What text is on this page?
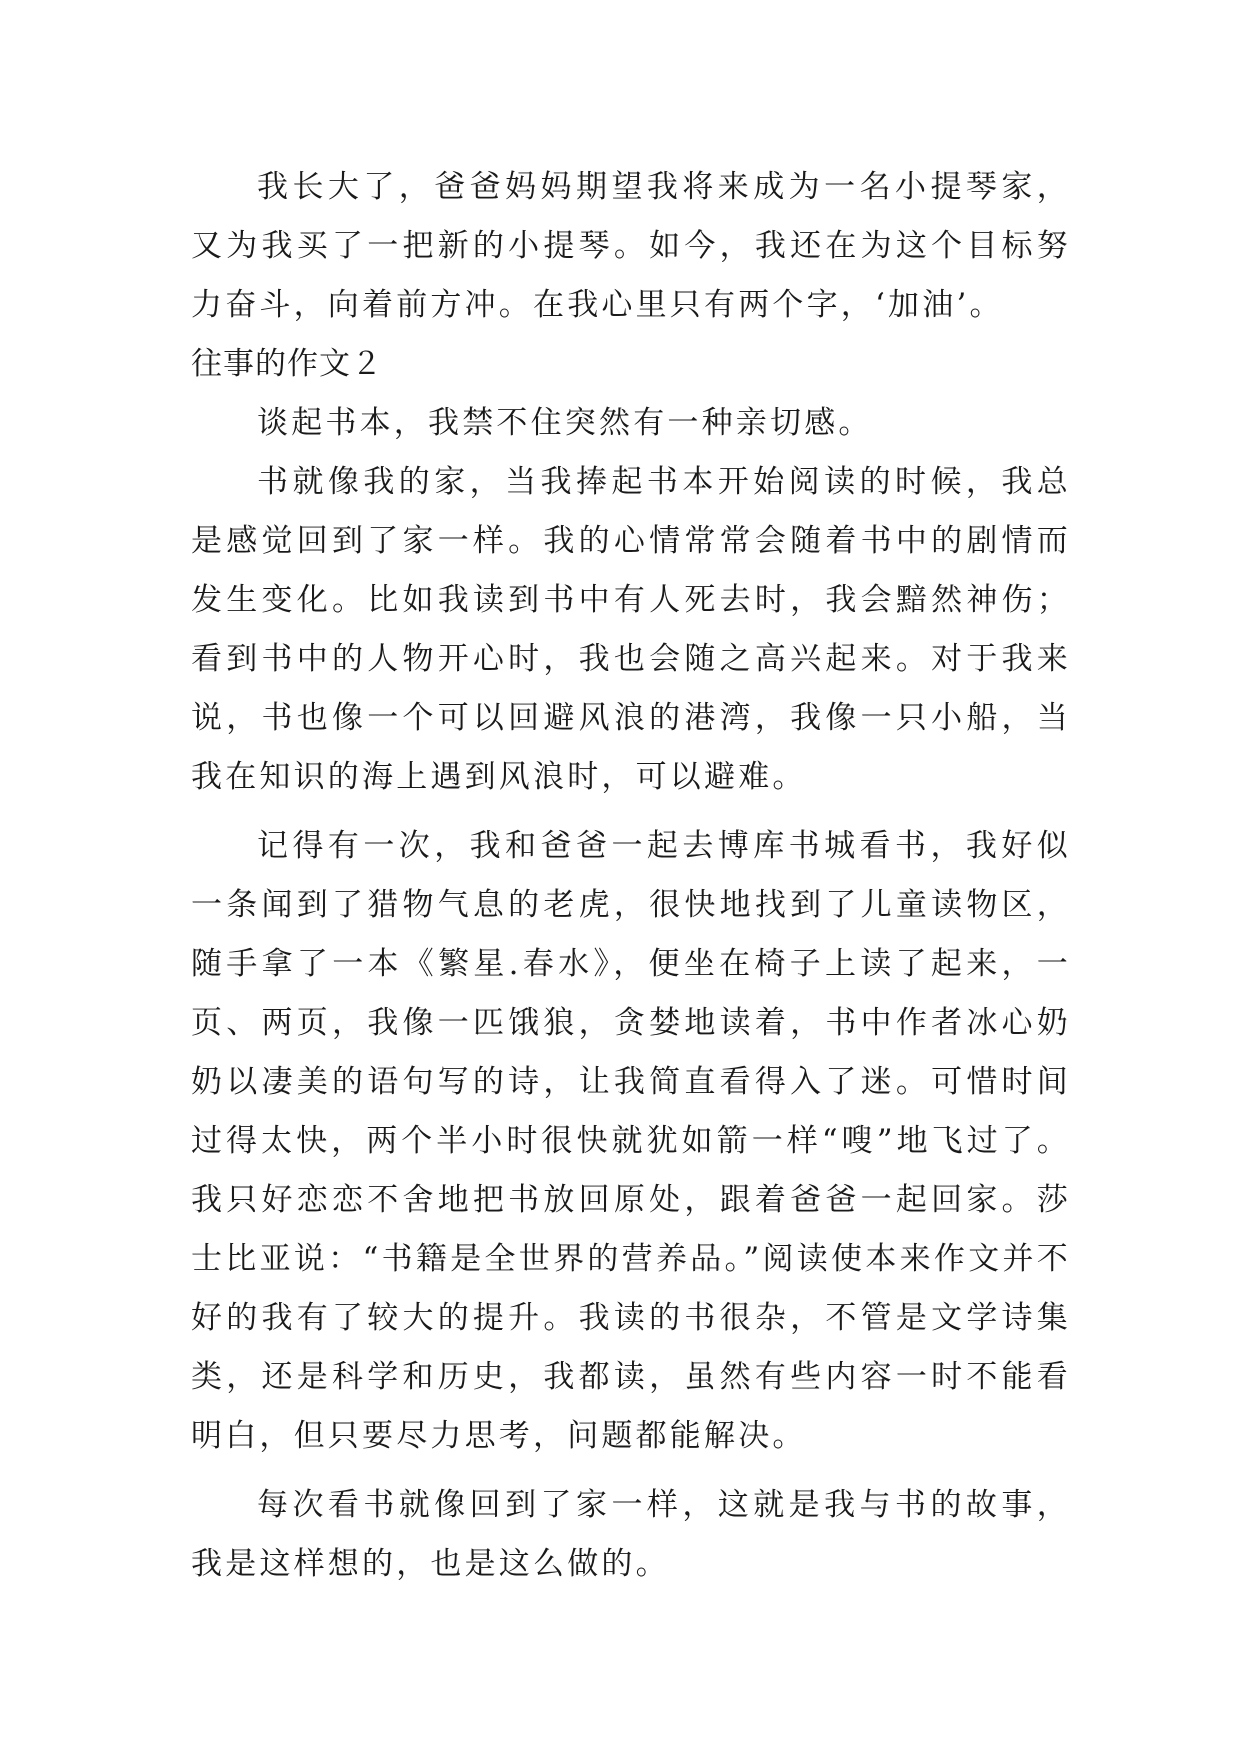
我长大了，爸爸妈妈期望我将来成为一名小提琴家，又为我买了一把新的小提琴。如今，我还在为这个目标努力奋斗，向着前方冲。在我心里只有两个字，‘加油’。

往事的作文２

谈起书本，我禁不住突然有一种亲切感。

书就像我的家，当我捧起书本开始阅读的时候，我总是感觉回到了家一样。我的心情常常会随着书中的剧情而发生变化。比如我读到书中有人死去时，我会黯然神伤；看到书中的人物开心时，我也会随之高兴起来。对于我来说，书也像一个可以回避风浪的港湾，我像一只小船，当我在知识的海上遇到风浪时，可以避难。

记得有一次，我和爸爸一起去博库书城看书，我好似一条闻到了猎物气息的老虎，很快地找到了儿童读物区，随手拿了一本《繁星.春水》，便坐在椅子上读了起来，一页、两页，我像一匹饿狼，贪婪地读着，书中作者冰心奶奶以凄美的语句写的诗，让我简直看得入了迷。可惜时间过得太快，两个半小时很快就犹如箭一样“嗖”地飞过了。我只好恋恋不舍地把书放回原处，跟着爸爸一起回家。莎士比亚说：“书籍是全世界的营养品。”阅读使本来作文并不好的我有了较大的提升。我读的书很杂，不管是文学诗集类，还是科学和历史，我都读，虽然有些内容一时不能看明白，但只要尽力思考，问题都能解决。

每次看书就像回到了家一样，这就是我与书的故事，我是这样想的，也是这么做的。
